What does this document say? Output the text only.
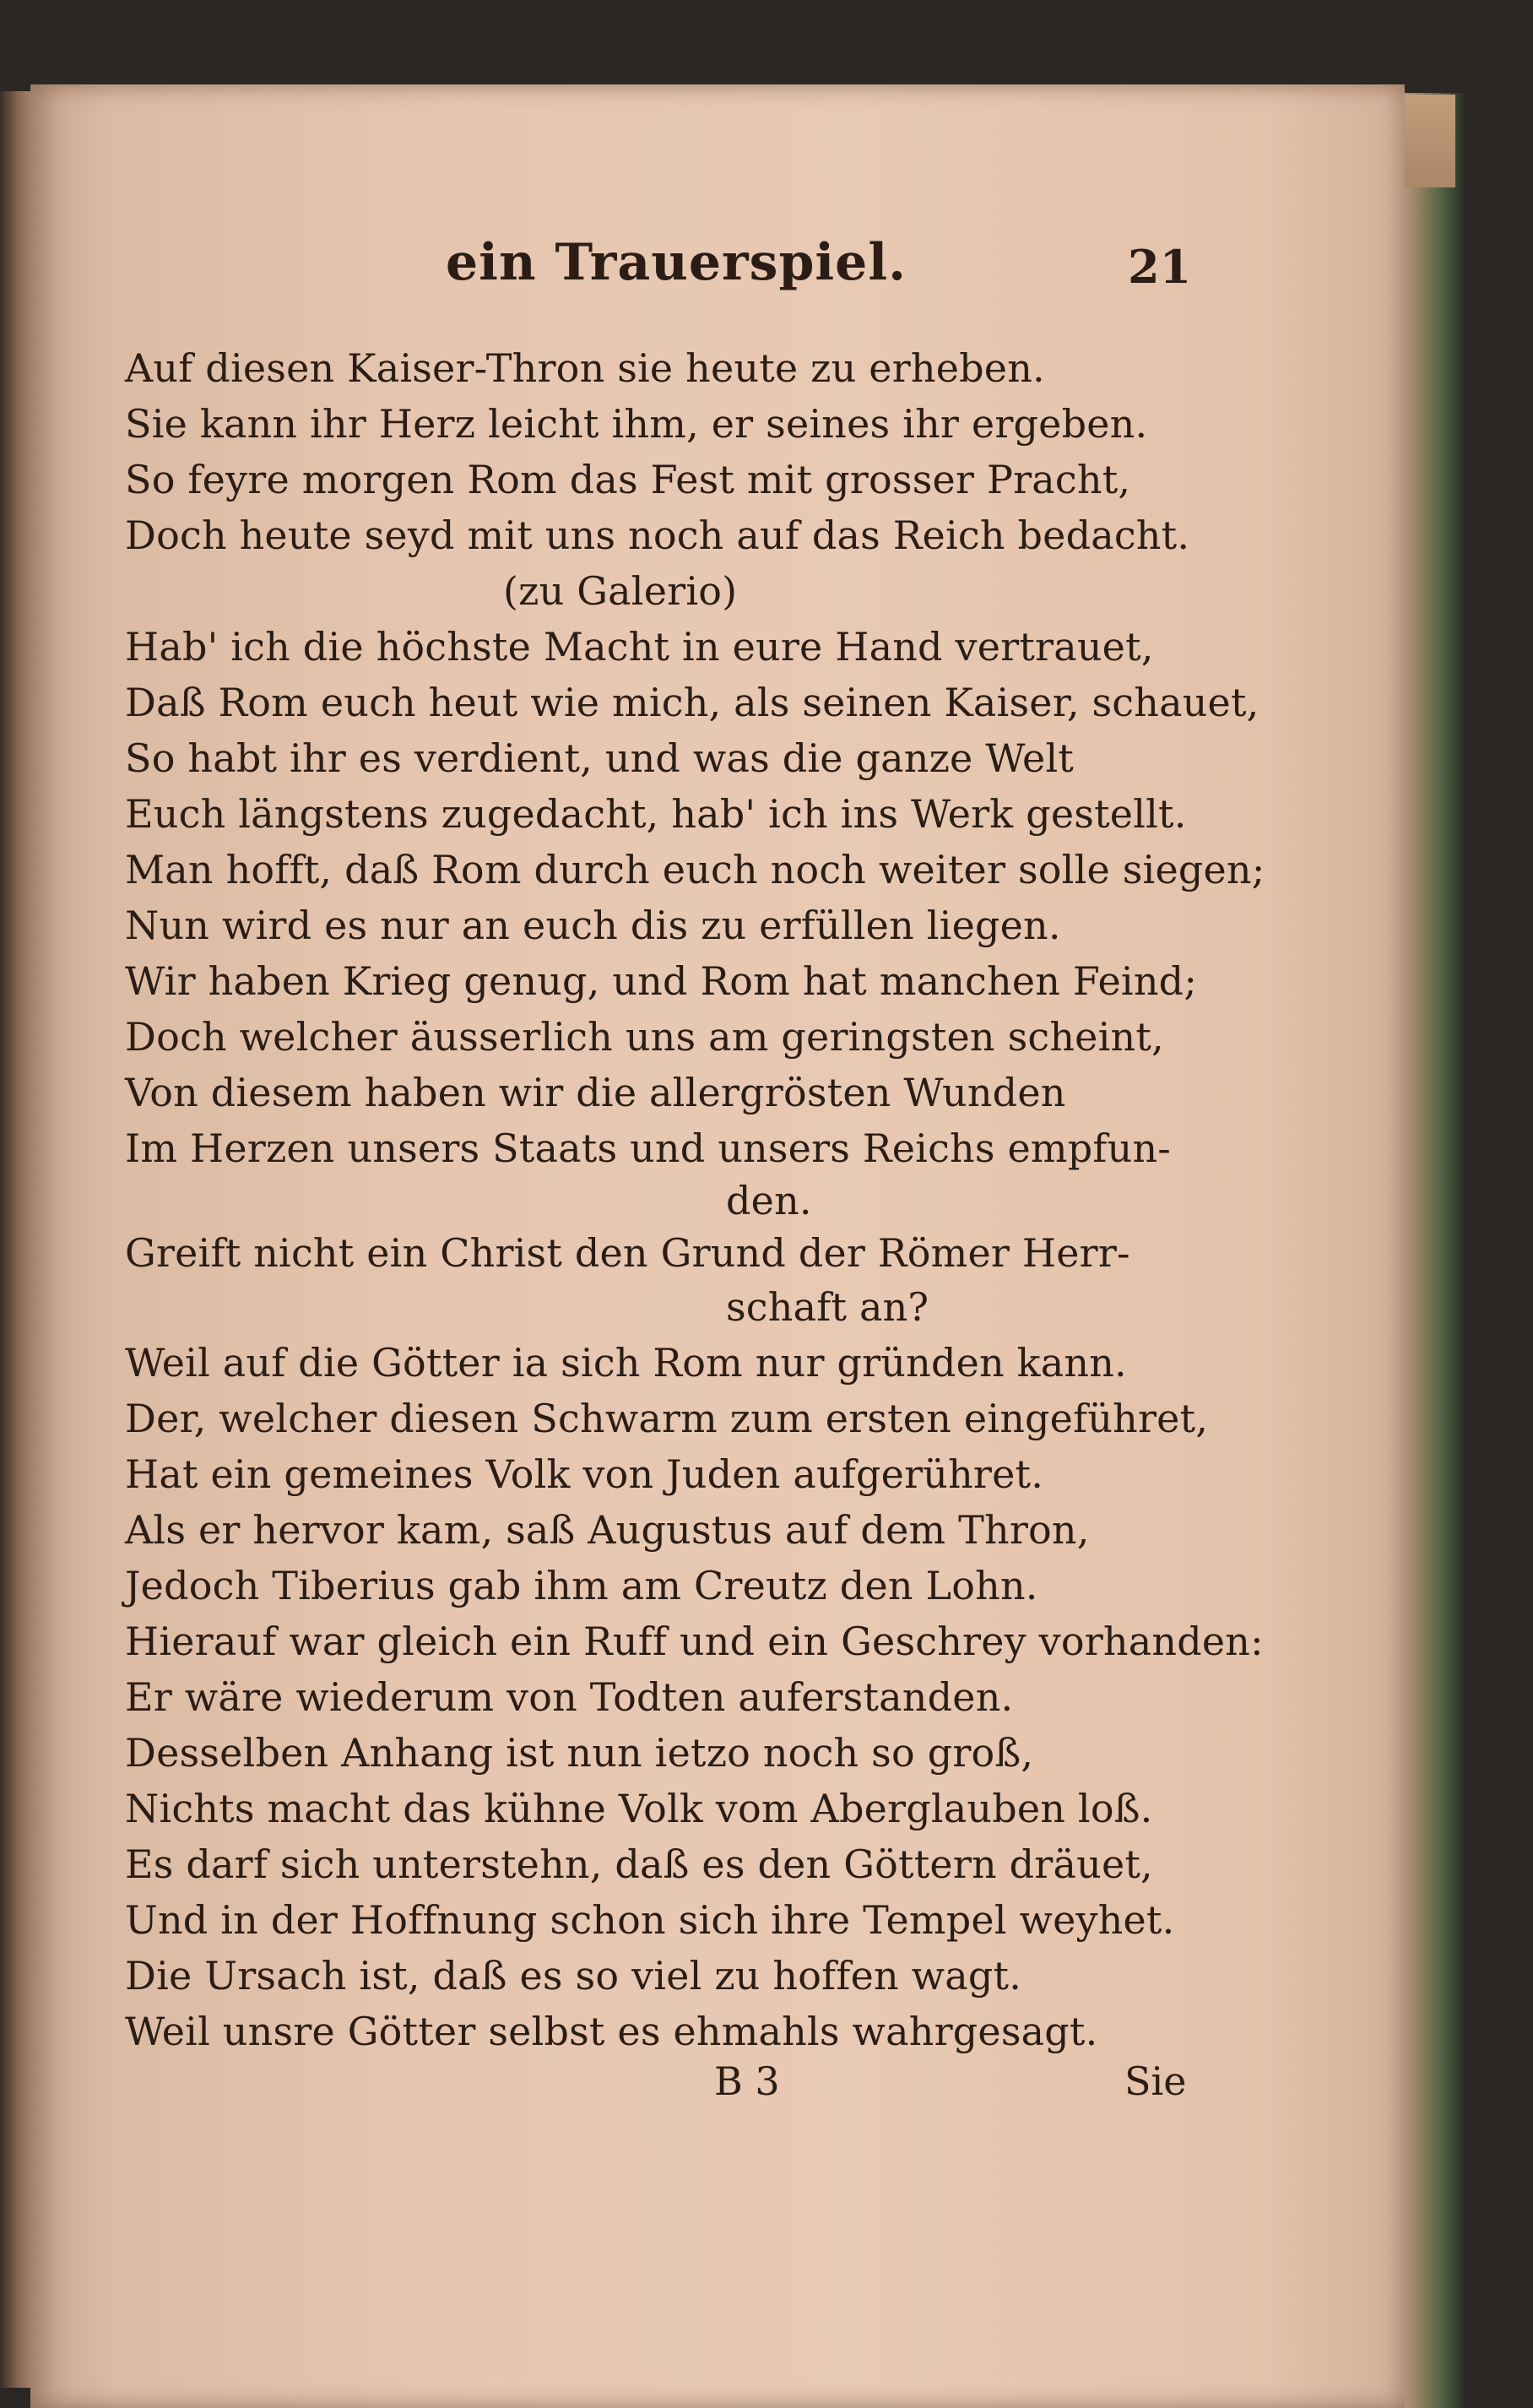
ein Trauerspiel.	21
Auf diesen Kaiser-Thron sie heute zu erheben.
Sie kann ihr Herz leicht ihm, er seines ihr ergeben.
So feyre morgen Rom das Fest mit grosser Pracht,
Doch heute seyd mit uns noch auf das Reich bedacht.
(zu Galerio)
Hab' ich die höchste Macht in eure Hand vertrauet,
Daß Rom euch heut wie mich, als seinen Kaiser, schauet,
So habt ihr es verdient, und was die ganze Welt
Euch längstens zugedacht, hab' ich ins Werk gestellt.
Man hofft, daß Rom durch euch noch weiter solle siegen;
Nun wird es nur an euch dis zu erfüllen liegen.
Wir haben Krieg genug, und Rom hat manchen Feind;
Doch welcher äusserlich uns am geringsten scheint,
Von diesem haben wir die allergrösten Wunden
Im Herzen unsers Staats und unsers Reichs empfun-
den.
Greift nicht ein Christ den Grund der Römer Herr-
schaft an?
Weil auf die Götter ia sich Rom nur gründen kann.
Der, welcher diesen Schwarm zum ersten eingeführet,
Hat ein gemeines Volk von Juden aufgerühret.
Als er hervor kam, saß Augustus auf dem Thron,
Jedoch Tiberius gab ihm am Creutz den Lohn.
Hierauf war gleich ein Ruff und ein Geschrey vorhanden:
Er wäre wiederum von Todten auferstanden.
Desselben Anhang ist nun ietzo noch so groß,
Nichts macht das kühne Volk vom Aberglauben loß.
Es darf sich unterstehn, daß es den Göttern dräuet,
Und in der Hoffnung schon sich ihre Tempel weyhet.
Die Ursach ist, daß es so viel zu hoffen wagt.
Weil unsre Götter selbst es ehmahls wahrgesagt.
B 3	Sie
